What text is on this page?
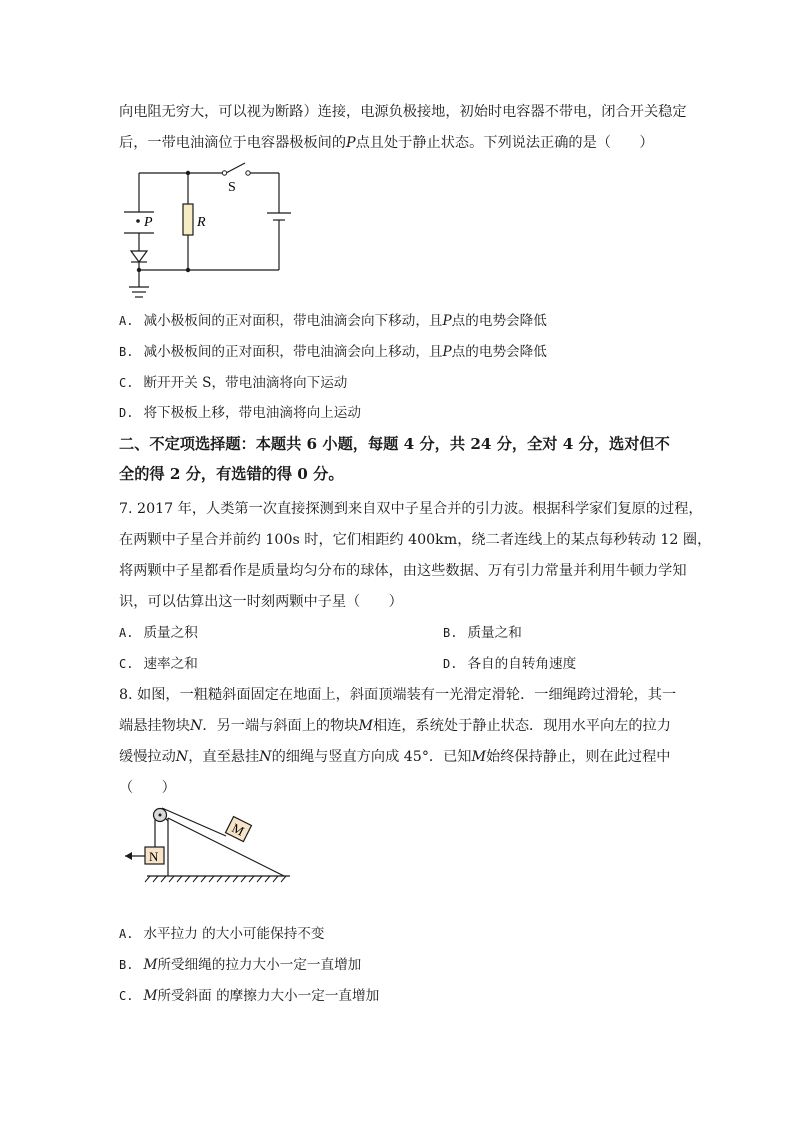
向电阻无穷大，可以视为断路）连接，电源负极接地，初始时电容器不带电，闭合开关稳定
后，一带电油滴位于电容器极板间的P点且处于静止状态。下列说法正确的是（　　）
S
P	R
A. 减小极板间的正对面积，带电油滴会向下移动，且P点的电势会降低
B. 减小极板间的正对面积，带电油滴会向上移动，且P点的电势会降低
C. 断开开关 S，带电油滴将向下运动
D. 将下极板上移，带电油滴将向上运动
二、不定项选择题：本题共 6 小题，每题 4 分，共 24 分，全对 4 分，选对但不
全的得 2 分，有选错的得 0 分。
7. 2017 年，人类第一次直接探测到来自双中子星合并的引力波。根据科学家们复原的过程，
在两颗中子星合并前约 100s 时，它们相距约 400km，绕二者连线上的某点每秒转动 12 圈，
将两颗中子星都看作是质量均匀分布的球体，由这些数据、万有引力常量并利用牛顿力学知
识，可以估算出这一时刻两颗中子星（　　）
A. 质量之积	B. 质量之和
C. 速率之和	D. 各自的自转角速度
8. 如图，一粗糙斜面固定在地面上，斜面顶端装有一光滑定滑轮．一细绳跨过滑轮，其一
端悬挂物块N．另一端与斜面上的物块M相连，系统处于静止状态．现用水平向左的拉力
缓慢拉动N，直至悬挂N的细绳与竖直方向成 45°．已知M始终保持静止，则在此过程中
（　　）
M
N
A. 水平拉力 的大小可能保持不变
B. M所受细绳的拉力大小一定一直增加
C. M所受斜面 的摩擦力大小一定一直增加
